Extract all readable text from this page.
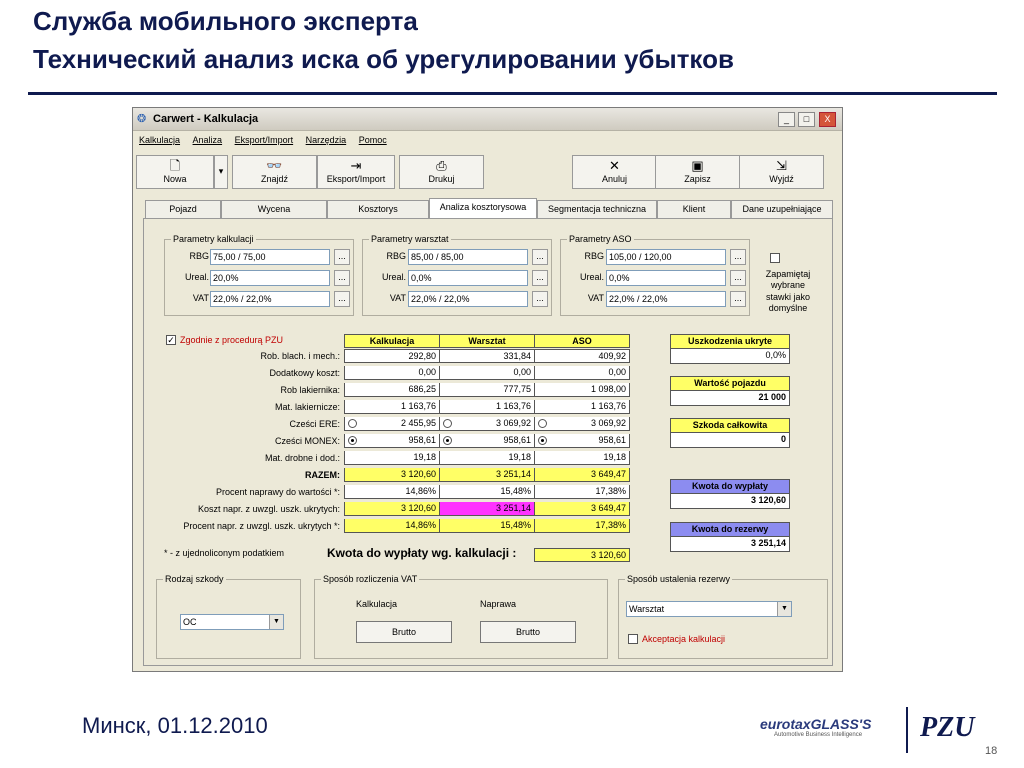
Служба мобильного эксперта
Технический анализ иска об урегулировании убытков
❂ Carwert - Kalkulacja	_	□	X
Kalkulacja Analiza Eksport/Import Narzędzia Pomoc
🗋
Nowa
▾	👓
Znajdź
⇥
Eksport/Import
⎙
Drukuj
✕
Anuluj
▣
Zapisz
⇲
Wyjdź
Pojazd	Wycena	Kosztorys	Analiza kosztorysowa	Segmentacja techniczna	Klient	Dane uzupełniające
Parametry kalkulacji
RBG 75,00 / 75,00	...
Ureal. 20,0%	...
VAT 22,0% / 22,0%	...
Parametry warsztat
RBG 85,00 / 85,00	...
Ureal. 0,0%	...
VAT 22,0% / 22,0%	...
Parametry ASO
RBG 105,00 / 120,00	...
Ureal. 0,0%	...
VAT 22,0% / 22,0%	...
Zapamiętaj wybrane stawki jako domyślne
✓ Zgodnie z procedurą PZU	Kalkulacja	Warsztat	ASO
Rob. blach. i mech.:	292,80	331,84	409,92
Dodatkowy koszt:	0,00	0,00	0,00
Rob lakiernika:	686,25	777,75	1 098,00
Mat. lakiernicze:	1 163,76	1 163,76	1 163,76
Cześci ERE:	2 455,95	3 069,92	3 069,92
Cześci MONEX:	958,61	958,61	958,61
Mat. drobne i dod.:	19,18	19,18	19,18
RAZEM:	3 120,60	3 251,14	3 649,47
Procent naprawy do wartości *:	14,86%	15,48%	17,38%
Koszt napr. z uwzgl. uszk. ukrytych:	3 120,60	3 251,14	3 649,47
Procent napr. z uwzgl. uszk. ukrytych *:	14,86%	15,48%	17,38%
* - z ujednoliconym podatkiem	Kwota do wypłaty wg. kalkulacji :	3 120,60
Uszkodzenia ukryte
0,0%
Wartość pojazdu
21 000
Szkoda całkowita
0
Kwota do wypłaty
3 120,60
Kwota do rezerwy
3 251,14
Rodzaj szkody
OC	▼
Sposób rozliczenia VAT
Kalkulacja	Naprawa
Brutto	Brutto
Sposób ustalenia rezerwy
Warsztat	▼
Akceptacja kalkulacji
Минск, 01.12.2010	eurotaxGLASS'S
Automotive Business Intelligence	PZU
18
